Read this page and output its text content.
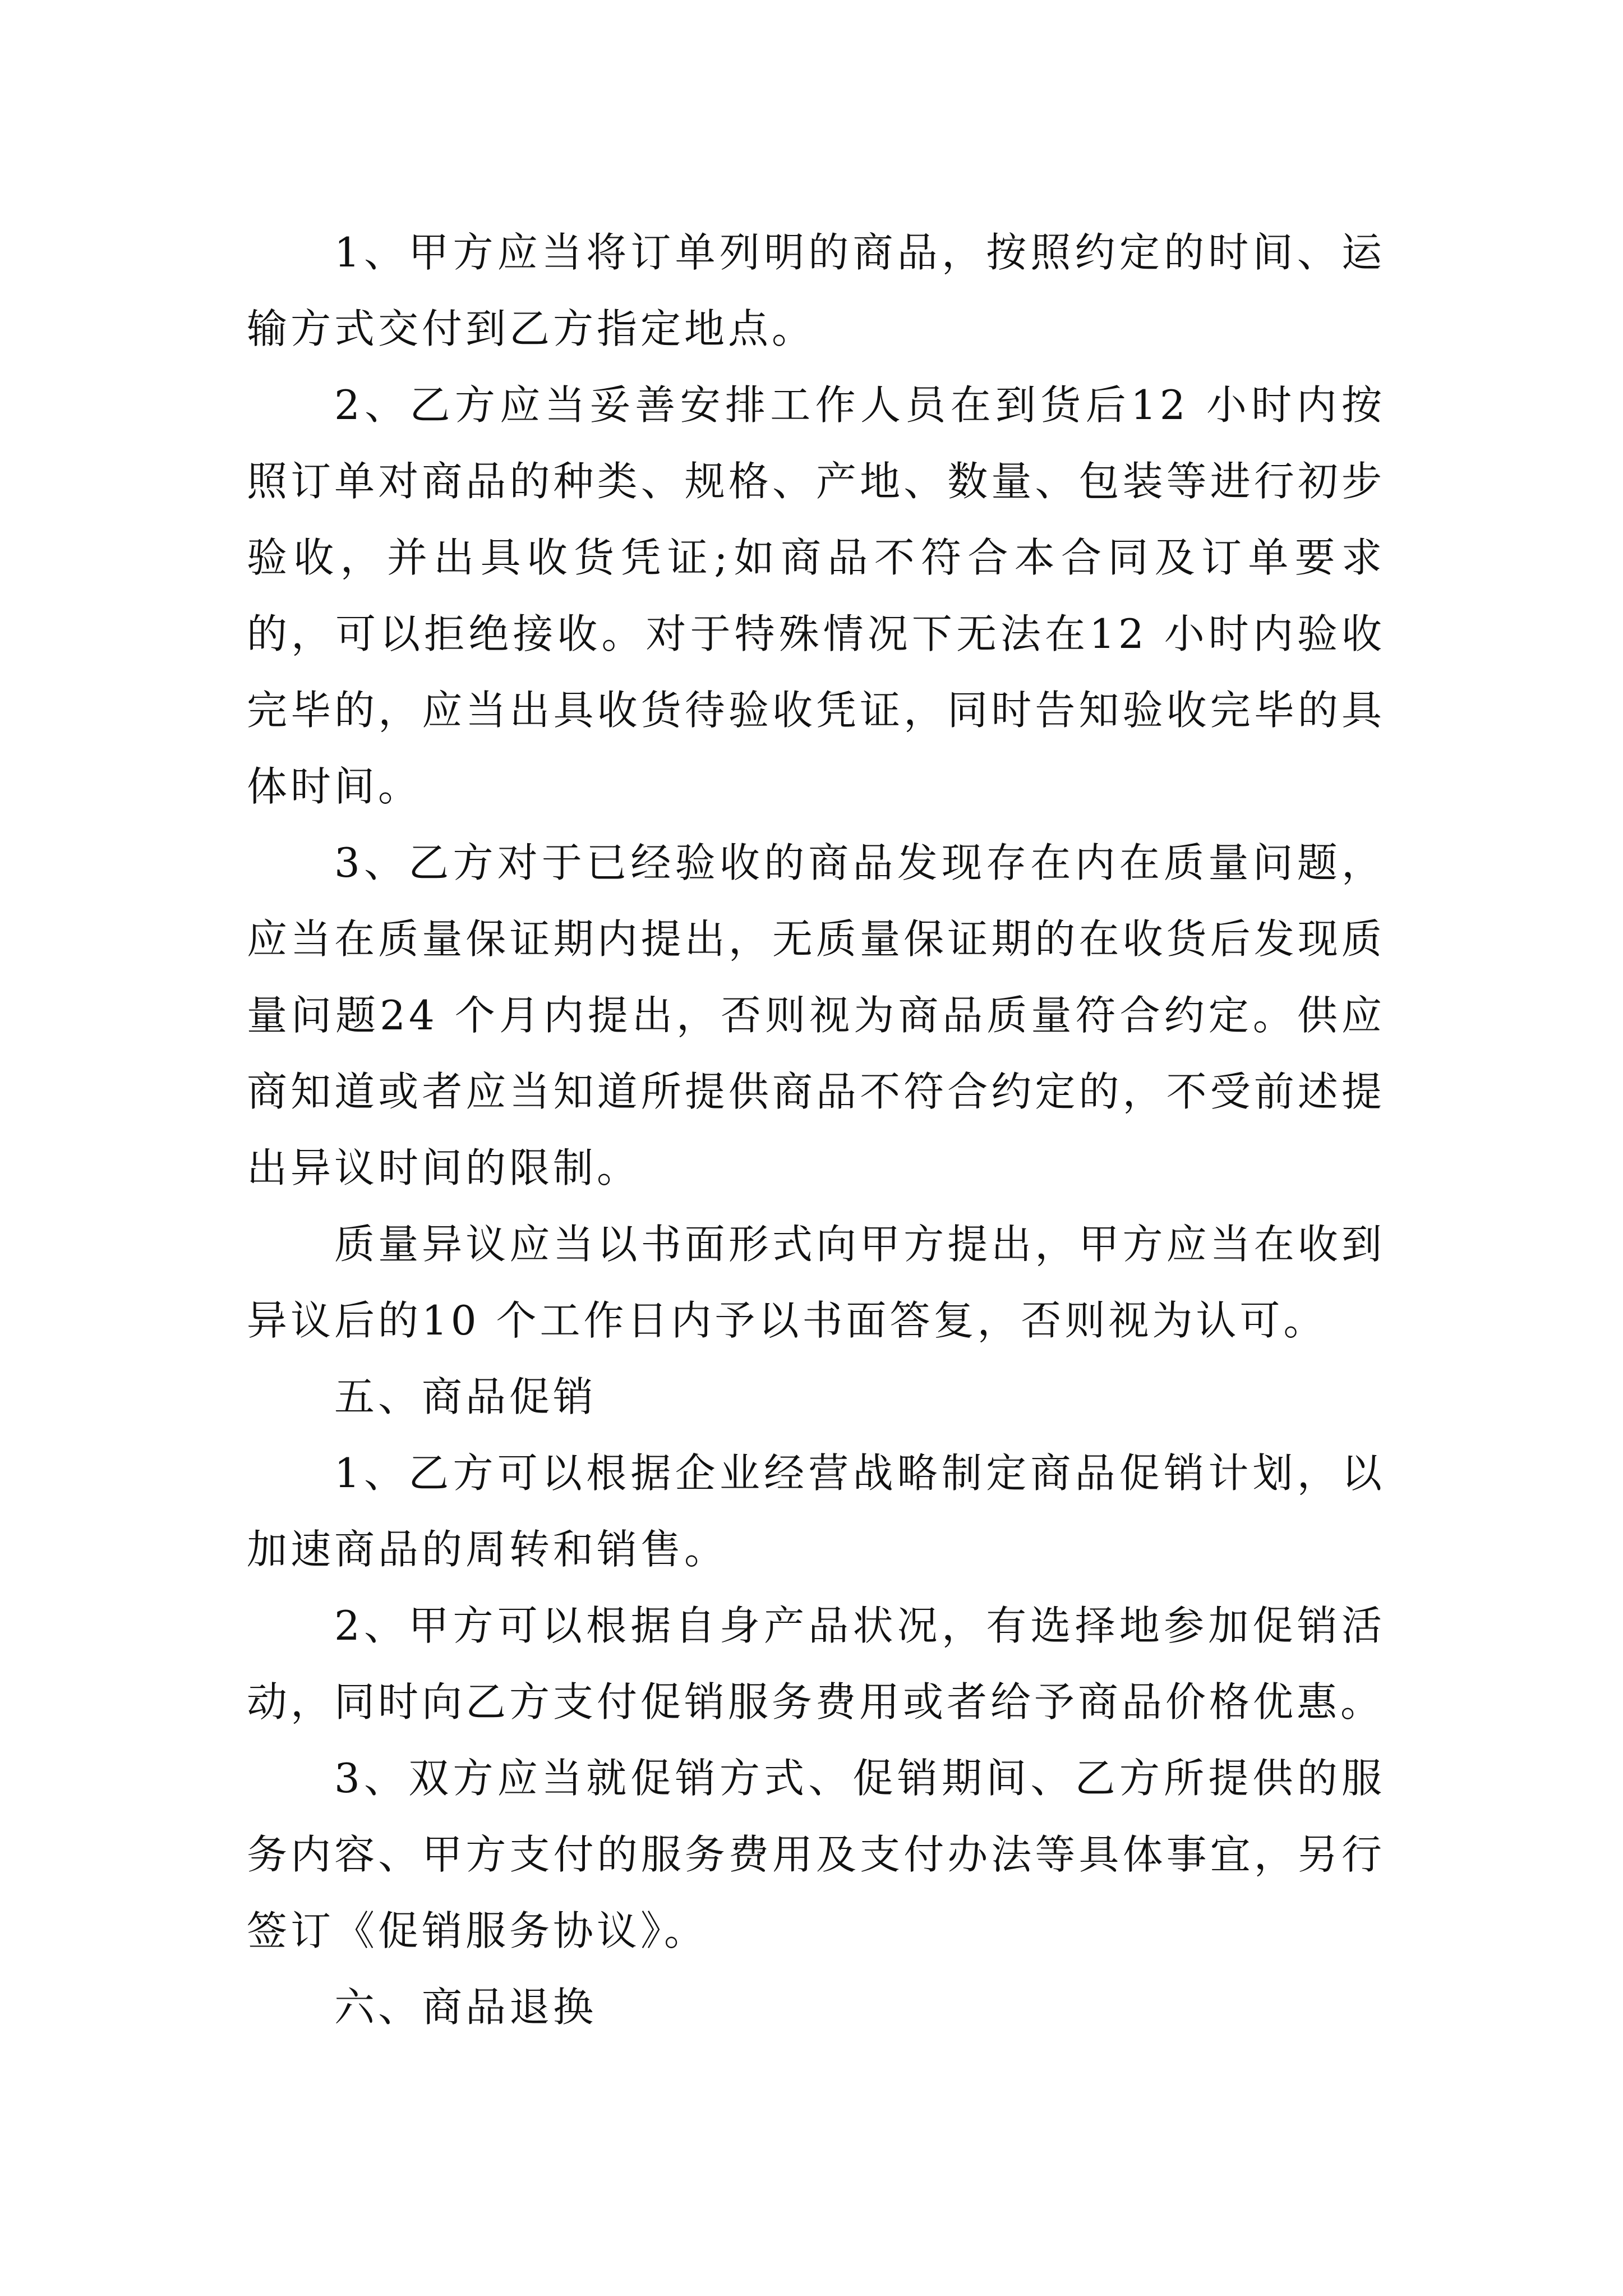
1、甲方应当将订单列明的商品，按照约定的时间、运输方式交付到乙方指定地点。

2、乙方应当妥善安排工作人员在到货后12 小时内按照订单对商品的种类、规格、产地、数量、包装等进行初步验收，并出具收货凭证;如商品不符合本合同及订单要求的，可以拒绝接收。对于特殊情况下无法在12 小时内验收完毕的，应当出具收货待验收凭证，同时告知验收完毕的具体时间。

3、乙方对于已经验收的商品发现存在内在质量问题，应当在质量保证期内提出，无质量保证期的在收货后发现质量问题24 个月内提出，否则视为商品质量符合约定。供应商知道或者应当知道所提供商品不符合约定的，不受前述提出异议时间的限制。

质量异议应当以书面形式向甲方提出，甲方应当在收到异议后的10 个工作日内予以书面答复，否则视为认可。

五、商品促销

1、乙方可以根据企业经营战略制定商品促销计划，以加速商品的周转和销售。

2、甲方可以根据自身产品状况，有选择地参加促销活动，同时向乙方支付促销服务费用或者给予商品价格优惠。

3、双方应当就促销方式、促销期间、乙方所提供的服务内容、甲方支付的服务费用及支付办法等具体事宜，另行签订《促销服务协议》。

六、商品退换
